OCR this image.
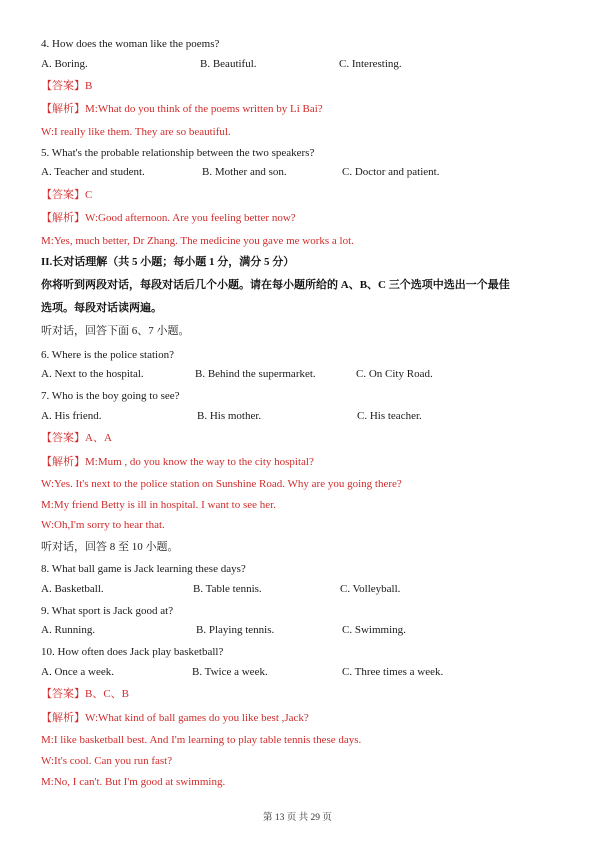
4. How does the woman like the poems?
A. Boring.	B. Beautiful.	C. Interesting.
【答案】B
【解析】M:What do you think of the poems written by Li Bai?
W:I really like them. They are so beautiful.
5. What's the probable relationship between the two speakers?
A. Teacher and student.	B. Mother and son.	C. Doctor and patient.
【答案】C
【解析】W:Good afternoon. Are you feeling better now?
M:Yes, much better, Dr Zhang. The medicine you gave me works a lot.
II.长对话理解（共 5 小题；每小题 1 分，满分 5 分）
你将听到两段对话，每段对话后几个小题。请在每小题所给的 A、B、C 三个选项中选出一个最佳
选项。每段对话读两遍。
听对话，回答下面 6、7 小题。
6. Where is the police station?
A. Next to the hospital.	B. Behind the supermarket.	C. On City Road.
7. Who is the boy going to see?
A. His friend.	B. His mother.	C. His teacher.
【答案】A、A
【解析】M:Mum , do you know the way to the city hospital?
W:Yes. It's next to the police station on Sunshine Road. Why are you going there?
M:My friend Betty is ill in hospital. I want to see her.
W:Oh,I'm sorry to hear that.
听对话，回答 8 至 10 小题。
8. What ball game is Jack learning these days?
A. Basketball.	B. Table tennis.	C. Volleyball.
9. What sport is Jack good at?
A. Running.	B. Playing tennis.	C. Swimming.
10. How often does Jack play basketball?
A. Once a week.	B. Twice a week.	C. Three times a week.
【答案】B、C、B
【解析】W:What kind of ball games do you like best ,Jack?
M:I like basketball best. And I'm learning to play table tennis these days.
W:It's cool. Can you run fast?
M:No, I can't. But I'm good at swimming.
第 13 页 共 29 页
